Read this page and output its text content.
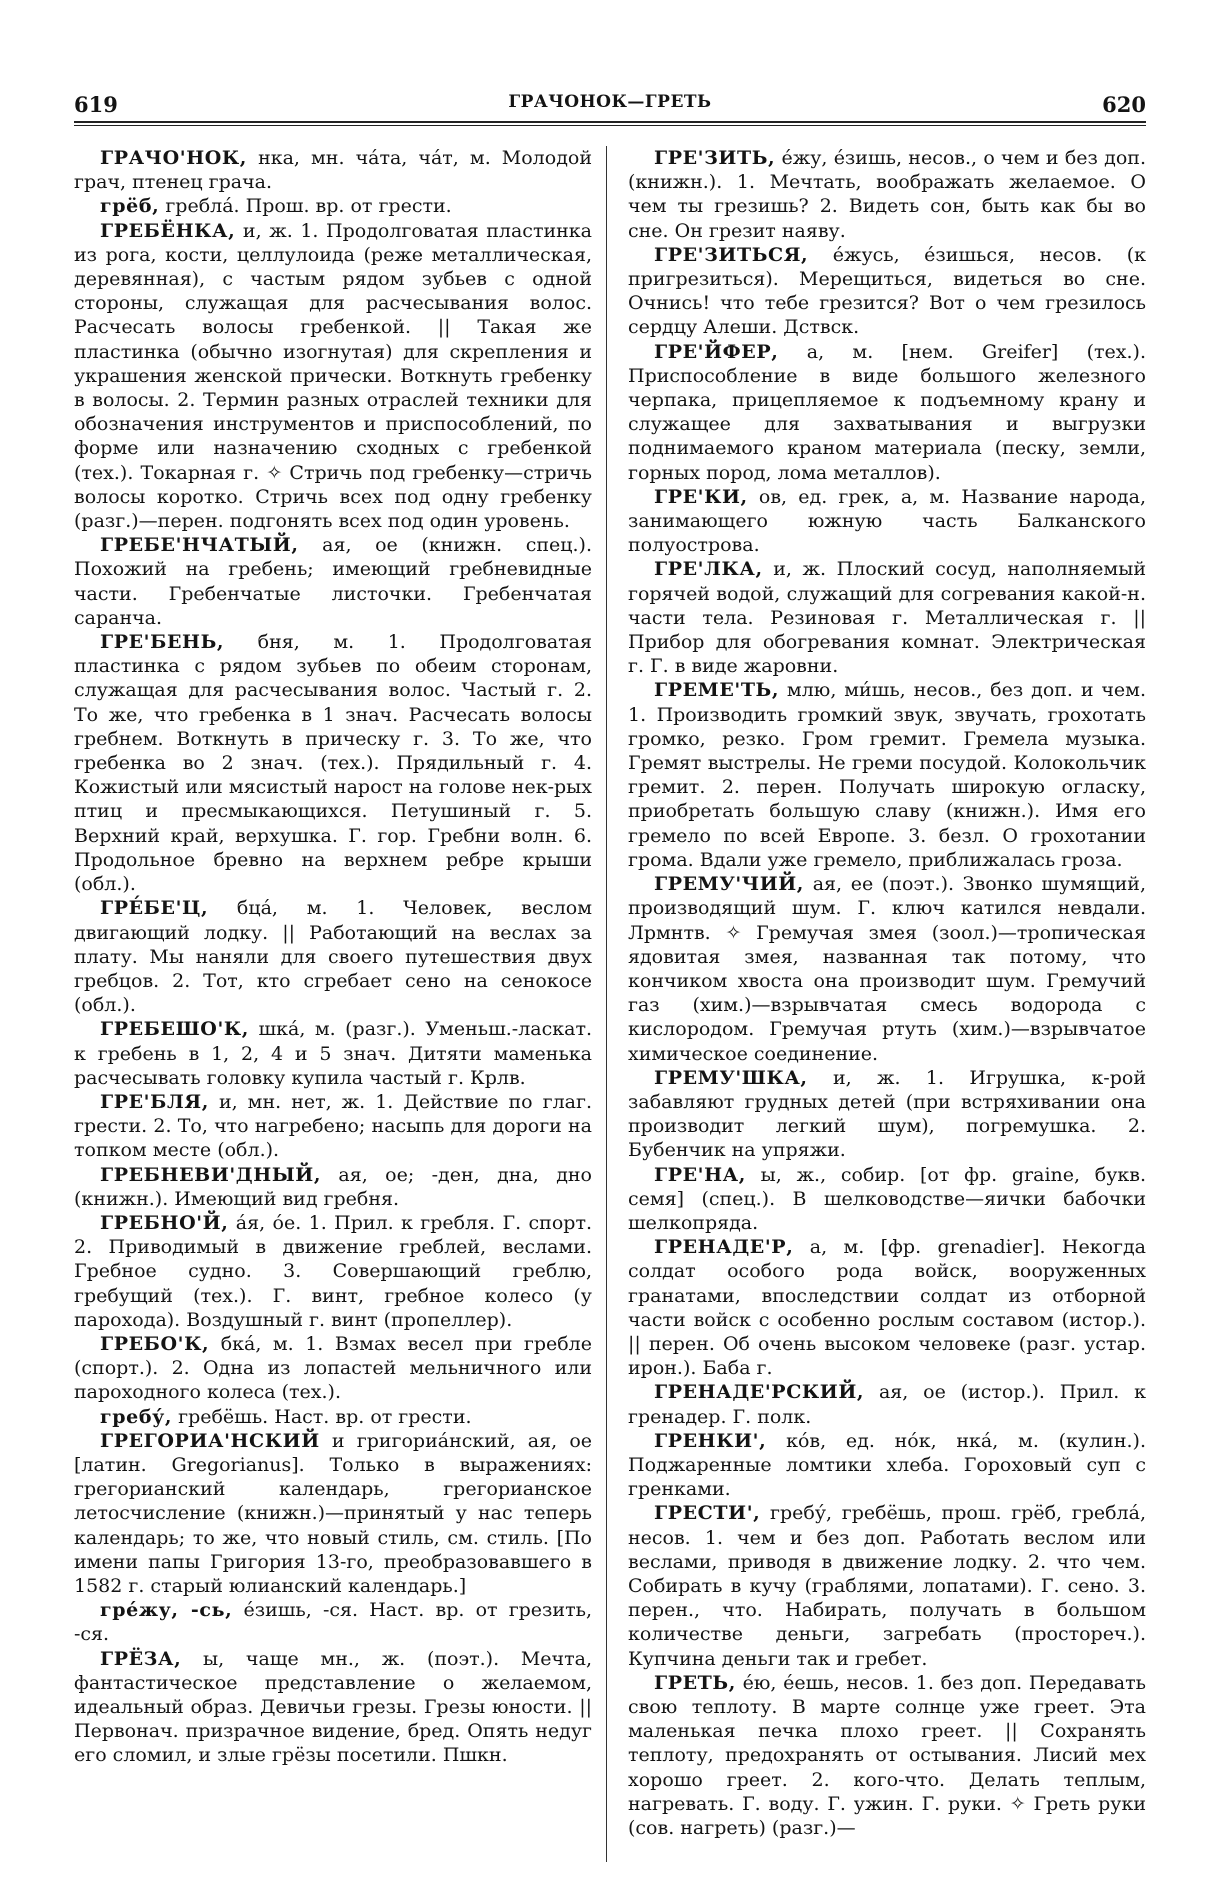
619	ГРАЧОНОК—ГРЕТЬ	620

ГРАЧО'НОК, нка, мн. ча́та, ча́т, м. Молодой грач, птенец грача.

грёб, гребла́. Прош. вр. от грести.

ГРЕБЁНКА, и, ж. 1. Продолговатая пластинка из рога, кости, целлулоида (реже металлическая, деревянная), с частым рядом зубьев с одной стороны, служащая для расчесывания волос. Расчесать волосы гребенкой. || Такая же пластинка (обычно изогнутая) для скрепления и украшения женской прически. Воткнуть гребенку в волосы. 2. Термин разных отраслей техники для обозначения инструментов и приспособлений, по форме или назначению сходных с гребенкой (тех.). Токарная г. ✧ Стричь под гребенку—стричь волосы коротко. Стричь всех под одну гребенку (разг.)—перен. подгонять всех под один уровень.

ГРЕБЕ'НЧАТЫЙ, ая, ое (книжн. спец.). Похожий на гребень; имеющий гребневидные части. Гребенчатые листочки. Гребенчатая саранча.

ГРЕ'БЕНЬ, бня, м. 1. Продолговатая пластинка с рядом зубьев по обеим сторонам, служащая для расчесывания волос. Частый г. 2. То же, что гребенка в 1 знач. Расчесать волосы гребнем. Воткнуть в прическу г. 3. То же, что гребенка во 2 знач. (тех.). Прядильный г. 4. Кожистый или мясистый нарост на голове нек-рых птиц и пресмыкающихся. Петушиный г. 5. Верхний край, верхушка. Г. гор. Гребни волн. 6. Продольное бревно на верхнем ребре крыши (обл.).

ГРЕ́БЕ'Ц, бца́, м. 1. Человек, веслом двигающий лодку. || Работающий на веслах за плату. Мы наняли для своего путешествия двух гребцов. 2. Тот, кто сгребает сено на сенокосе (обл.).

ГРЕБЕШО'К, шка́, м. (разг.). Уменьш.-ласкат. к гребень в 1, 2, 4 и 5 знач. Дитяти маменька расчесывать головку купила частый г. Крлв.

ГРЕ'БЛЯ, и, мн. нет, ж. 1. Действие по глаг. грести. 2. То, что нагребено; насыпь для дороги на топком месте (обл.).

ГРЕБНЕВИ'ДНЫЙ, ая, ое; -ден, дна, дно (книжн.). Имеющий вид гребня.

ГРЕБНО'Й, а́я, о́е. 1. Прил. к гребля. Г. спорт. 2. Приводимый в движение греблей, веслами. Гребное судно. 3. Совершающий греблю, гребущий (тех.). Г. винт, гребное колесо (у парохода). Воздушный г. винт (пропеллер).

ГРЕБО'К, бка́, м. 1. Взмах весел при гребле (спорт.). 2. Одна из лопастей мельничного или пароходного колеса (тех.).

гребу́, гребёшь. Наст. вр. от грести.

ГРЕГОРИА'НСКИЙ и григориа́нский, ая, ое [латин. Gregorianus]. Только в выражениях: грегорианский календарь, грегорианское летосчисление (книжн.)—принятый у нас теперь календарь; то же, что новый стиль, см. стиль. [По имени папы Григория 13-го, преобразовавшего в 1582 г. старый юлианский календарь.]

гре́жу, -сь, е́зишь, -ся. Наст. вр. от грезить, -ся.

ГРЁЗА, ы, чаще мн., ж. (поэт.). Мечта, фантастическое представление о желаемом, идеальный образ. Девичьи грезы. Грезы юности. || Первонач. призрачное видение, бред. Опять недуг его сломил, и злые грёзы посетили. Пшкн.

ГРЕ'ЗИТЬ, е́жу, е́зишь, несов., о чем и без доп. (книжн.). 1. Мечтать, воображать желаемое. О чем ты грезишь? 2. Видеть сон, быть как бы во сне. Он грезит наяву.

ГРЕ'ЗИТЬСЯ, е́жусь, е́зишься, несов. (к пригрезиться). Мерещиться, видеться во сне. Очнись! что тебе грезится? Вот о чем грезилось сердцу Алеши. Дствск.

ГРЕ'ЙФЕР, а, м. [нем. Greifer] (тех.). Приспособление в виде большого железного черпака, прицепляемое к подъемному крану и служащее для захватывания и выгрузки поднимаемого краном материала (песку, земли, горных пород, лома металлов).

ГРЕ'КИ, ов, ед. грек, а, м. Название народа, занимающего южную часть Балканского полуострова.

ГРЕ'ЛКА, и, ж. Плоский сосуд, наполняемый горячей водой, служащий для согревания какой-н. части тела. Резиновая г. Металлическая г. || Прибор для обогревания комнат. Электрическая г. Г. в виде жаровни.

ГРЕМЕ'ТЬ, млю, ми́шь, несов., без доп. и чем. 1. Производить громкий звук, звучать, грохотать громко, резко. Гром гремит. Гремела музыка. Гремят выстрелы. Не греми посудой. Колокольчик гремит. 2. перен. Получать широкую огласку, приобретать большую славу (книжн.). Имя его гремело по всей Европе. 3. безл. О грохотании грома. Вдали уже гремело, приближалась гроза.

ГРЕМУ'ЧИЙ, ая, ее (поэт.). Звонко шумящий, производящий шум. Г. ключ катился невдали. Лрмнтв. ✧ Гремучая змея (зоол.)—тропическая ядовитая змея, названная так потому, что кончиком хвоста она производит шум. Гремучий газ (хим.)—взрывчатая смесь водорода с кислородом. Гремучая ртуть (хим.)—взрывчатое химическое соединение.

ГРЕМУ'ШКА, и, ж. 1. Игрушка, к-рой забавляют грудных детей (при встряхивании она производит легкий шум), погремушка. 2. Бубенчик на упряжи.

ГРЕ'НА, ы, ж., собир. [от фр. graine, букв. семя] (спец.). В шелководстве—яички бабочки шелкопряда.

ГРЕНАДЕ'Р, а, м. [фр. grenadier]. Некогда солдат особого рода войск, вооруженных гранатами, впоследствии солдат из отборной части войск с особенно рослым составом (истор.). || перен. Об очень высоком человеке (разг. устар. ирон.). Баба г.

ГРЕНАДЕ'РСКИЙ, ая, ое (истор.). Прил. к гренадер. Г. полк.

ГРЕНКИ', ко́в, ед. но́к, нка́, м. (кулин.). Поджаренные ломтики хлеба. Гороховый суп с гренками.

ГРЕСТИ', гребу́, гребёшь, прош. грёб, гребла́, несов. 1. чем и без доп. Работать веслом или веслами, приводя в движение лодку. 2. что чем. Собирать в кучу (граблями, лопатами). Г. сено. 3. перен., что. Набирать, получать в большом количестве деньги, загребать (простореч.). Купчина деньги так и гребет.

ГРЕТЬ, е́ю, е́ешь, несов. 1. без доп. Передавать свою теплоту. В марте солнце уже греет. Эта маленькая печка плохо греет. || Сохранять теплоту, предохранять от остывания. Лисий мех хорошо греет. 2. кого-что. Делать теплым, нагревать. Г. воду. Г. ужин. Г. руки. ✧ Греть руки (сов. нагреть) (разг.)—
